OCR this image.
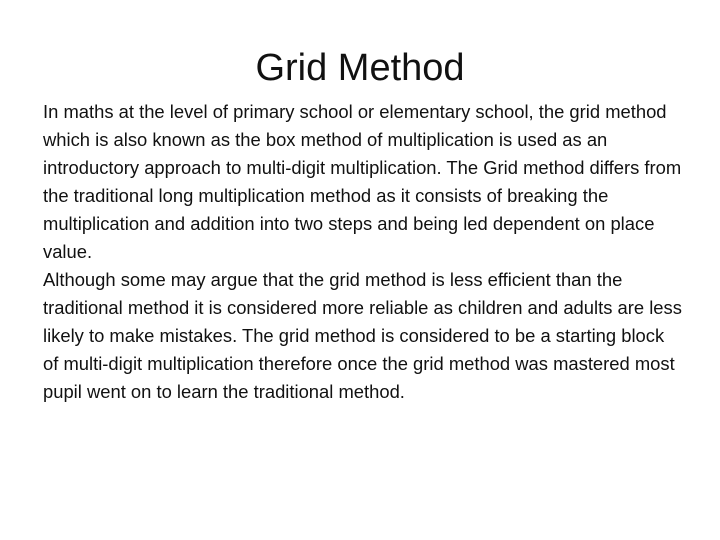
Grid Method

In maths at the level of primary school or elementary school, the grid method which is also known as the box method of multiplication is used as an introductory approach to multi-digit multiplication. The Grid method differs from the traditional long multiplication method as it consists of breaking the multiplication and addition into two steps and being led dependent on place value.

Although some may argue that the grid method is less efficient than the traditional method it is considered more reliable as children and adults are less likely to make mistakes. The grid method is considered to be a starting block of multi-digit multiplication therefore once the grid method was mastered most pupil went on to learn the traditional method.
